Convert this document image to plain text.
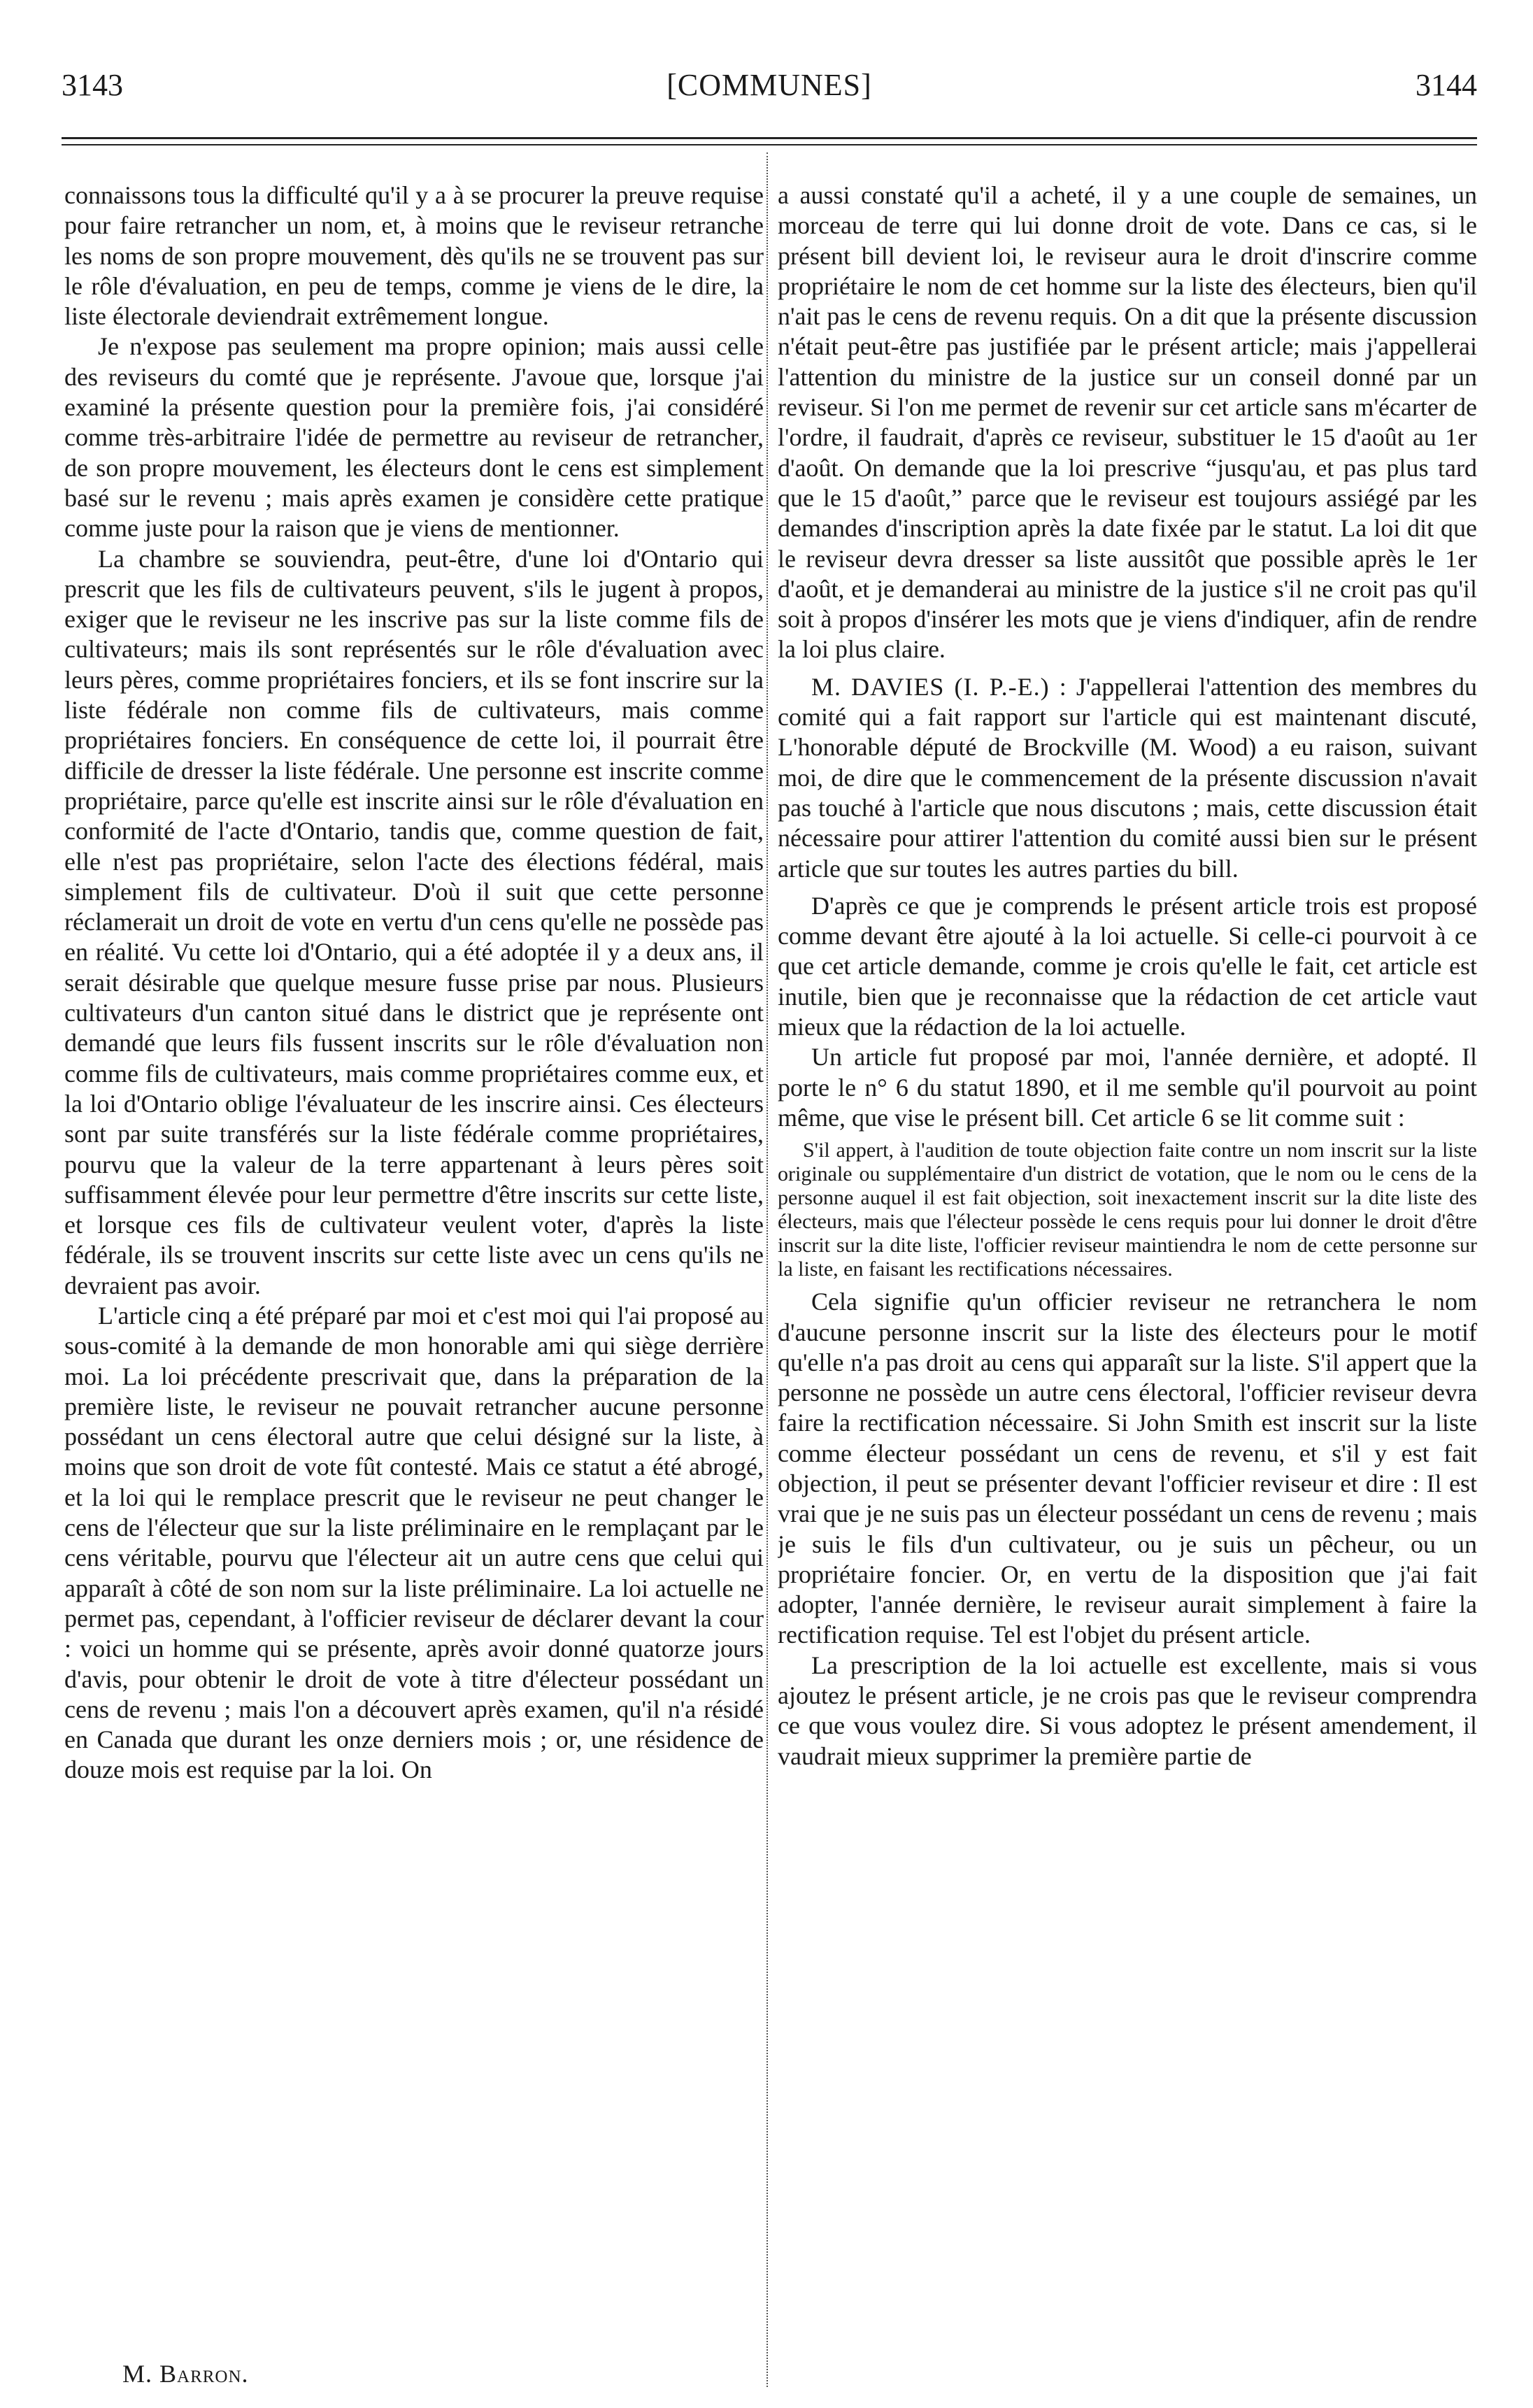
3143	[COMMUNES]	3144

connaissons tous la difficulté qu'il y a à se procurer la preuve requise pour faire retrancher un nom, et, à moins que le reviseur retranche les noms de son propre mouvement, dès qu'ils ne se trouvent pas sur le rôle d'évaluation, en peu de temps, comme je viens de le dire, la liste électorale deviendrait extrêmement longue.

Je n'expose pas seulement ma propre opinion; mais aussi celle des reviseurs du comté que je représente. J'avoue que, lorsque j'ai examiné la présente question pour la première fois, j'ai considéré comme très-arbitraire l'idée de permettre au reviseur de retrancher, de son propre mouvement, les électeurs dont le cens est simplement basé sur le revenu ; mais après examen je considère cette pratique comme juste pour la raison que je viens de mentionner.

La chambre se souviendra, peut-être, d'une loi d'Ontario qui prescrit que les fils de cultivateurs peuvent, s'ils le jugent à propos, exiger que le reviseur ne les inscrive pas sur la liste comme fils de cultivateurs; mais ils sont représentés sur le rôle d'évaluation avec leurs pères, comme propriétaires fonciers, et ils se font inscrire sur la liste fédérale non comme fils de cultivateurs, mais comme propriétaires fonciers. En conséquence de cette loi, il pourrait être difficile de dresser la liste fédérale. Une personne est inscrite comme propriétaire, parce qu'elle est inscrite ainsi sur le rôle d'évaluation en conformité de l'acte d'Ontario, tandis que, comme question de fait, elle n'est pas propriétaire, selon l'acte des élections fédéral, mais simplement fils de cultivateur. D'où il suit que cette personne réclamerait un droit de vote en vertu d'un cens qu'elle ne possède pas en réalité. Vu cette loi d'Ontario, qui a été adoptée il y a deux ans, il serait désirable que quelque mesure fusse prise par nous. Plusieurs cultivateurs d'un canton situé dans le district que je représente ont demandé que leurs fils fussent inscrits sur le rôle d'évaluation non comme fils de cultivateurs, mais comme propriétaires comme eux, et la loi d'Ontario oblige l'évaluateur de les inscrire ainsi. Ces électeurs sont par suite transférés sur la liste fédérale comme propriétaires, pourvu que la valeur de la terre appartenant à leurs pères soit suffisamment élevée pour leur permettre d'être inscrits sur cette liste, et lorsque ces fils de cultivateur veulent voter, d'après la liste fédérale, ils se trouvent inscrits sur cette liste avec un cens qu'ils ne devraient pas avoir.

L'article cinq a été préparé par moi et c'est moi qui l'ai proposé au sous-comité à la demande de mon honorable ami qui siège derrière moi. La loi précédente prescrivait que, dans la préparation de la première liste, le reviseur ne pouvait retrancher aucune personne possédant un cens électoral autre que celui désigné sur la liste, à moins que son droit de vote fût contesté. Mais ce statut a été abrogé, et la loi qui le remplace prescrit que le reviseur ne peut changer le cens de l'électeur que sur la liste préliminaire en le remplaçant par le cens véritable, pourvu que l'électeur ait un autre cens que celui qui apparaît à côté de son nom sur la liste préliminaire. La loi actuelle ne permet pas, cependant, à l'officier reviseur de déclarer devant la cour : voici un homme qui se présente, après avoir donné quatorze jours d'avis, pour obtenir le droit de vote à titre d'électeur possédant un cens de revenu ; mais l'on a découvert après examen, qu'il n'a résidé en Canada que durant les onze derniers mois ; or, une résidence de douze mois est requise par la loi. On

M. Barron.

a aussi constaté qu'il a acheté, il y a une couple de semaines, un morceau de terre qui lui donne droit de vote. Dans ce cas, si le présent bill devient loi, le reviseur aura le droit d'inscrire comme propriétaire le nom de cet homme sur la liste des électeurs, bien qu'il n'ait pas le cens de revenu requis. On a dit que la présente discussion n'était peut-être pas justifiée par le présent article; mais j'appellerai l'attention du ministre de la justice sur un conseil donné par un reviseur. Si l'on me permet de revenir sur cet article sans m'écarter de l'ordre, il faudrait, d'après ce reviseur, substituer le 15 d'août au 1er d'août. On demande que la loi prescrive “jusqu'au, et pas plus tard que le 15 d'août,” parce que le reviseur est toujours assiégé par les demandes d'inscription après la date fixée par le statut. La loi dit que le reviseur devra dresser sa liste aussitôt que possible après le 1er d'août, et je demanderai au ministre de la justice s'il ne croit pas qu'il soit à propos d'insérer les mots que je viens d'indiquer, afin de rendre la loi plus claire.

M. DAVIES (I. P.-E.) : J'appellerai l'attention des membres du comité qui a fait rapport sur l'article qui est maintenant discuté, L'honorable député de Brockville (M. Wood) a eu raison, suivant moi, de dire que le commencement de la présente discussion n'avait pas touché à l'article que nous discutons ; mais, cette discussion était nécessaire pour attirer l'attention du comité aussi bien sur le présent article que sur toutes les autres parties du bill.

D'après ce que je comprends le présent article trois est proposé comme devant être ajouté à la loi actuelle. Si celle-ci pourvoit à ce que cet article demande, comme je crois qu'elle le fait, cet article est inutile, bien que je reconnaisse que la rédaction de cet article vaut mieux que la rédaction de la loi actuelle.

Un article fut proposé par moi, l'année dernière, et adopté. Il porte le n° 6 du statut 1890, et il me semble qu'il pourvoit au point même, que vise le présent bill. Cet article 6 se lit comme suit :

S'il appert, à l'audition de toute objection faite contre un nom inscrit sur la liste originale ou supplémentaire d'un district de votation, que le nom ou le cens de la personne auquel il est fait objection, soit inexactement inscrit sur la dite liste des électeurs, mais que l'électeur possède le cens requis pour lui donner le droit d'être inscrit sur la dite liste, l'officier reviseur maintiendra le nom de cette personne sur la liste, en faisant les rectifications nécessaires.

Cela signifie qu'un officier reviseur ne retranchera le nom d'aucune personne inscrit sur la liste des électeurs pour le motif qu'elle n'a pas droit au cens qui apparaît sur la liste. S'il appert que la personne ne possède un autre cens électoral, l'officier reviseur devra faire la rectification nécessaire. Si John Smith est inscrit sur la liste comme électeur possédant un cens de revenu, et s'il y est fait objection, il peut se présenter devant l'officier reviseur et dire : Il est vrai que je ne suis pas un électeur possédant un cens de revenu ; mais je suis le fils d'un cultivateur, ou je suis un pêcheur, ou un propriétaire foncier. Or, en vertu de la disposition que j'ai fait adopter, l'année dernière, le reviseur aurait simplement à faire la rectification requise. Tel est l'objet du présent article.

La prescription de la loi actuelle est excellente, mais si vous ajoutez le présent article, je ne crois pas que le reviseur comprendra ce que vous voulez dire. Si vous adoptez le présent amendement, il vaudrait mieux supprimer la première partie de
